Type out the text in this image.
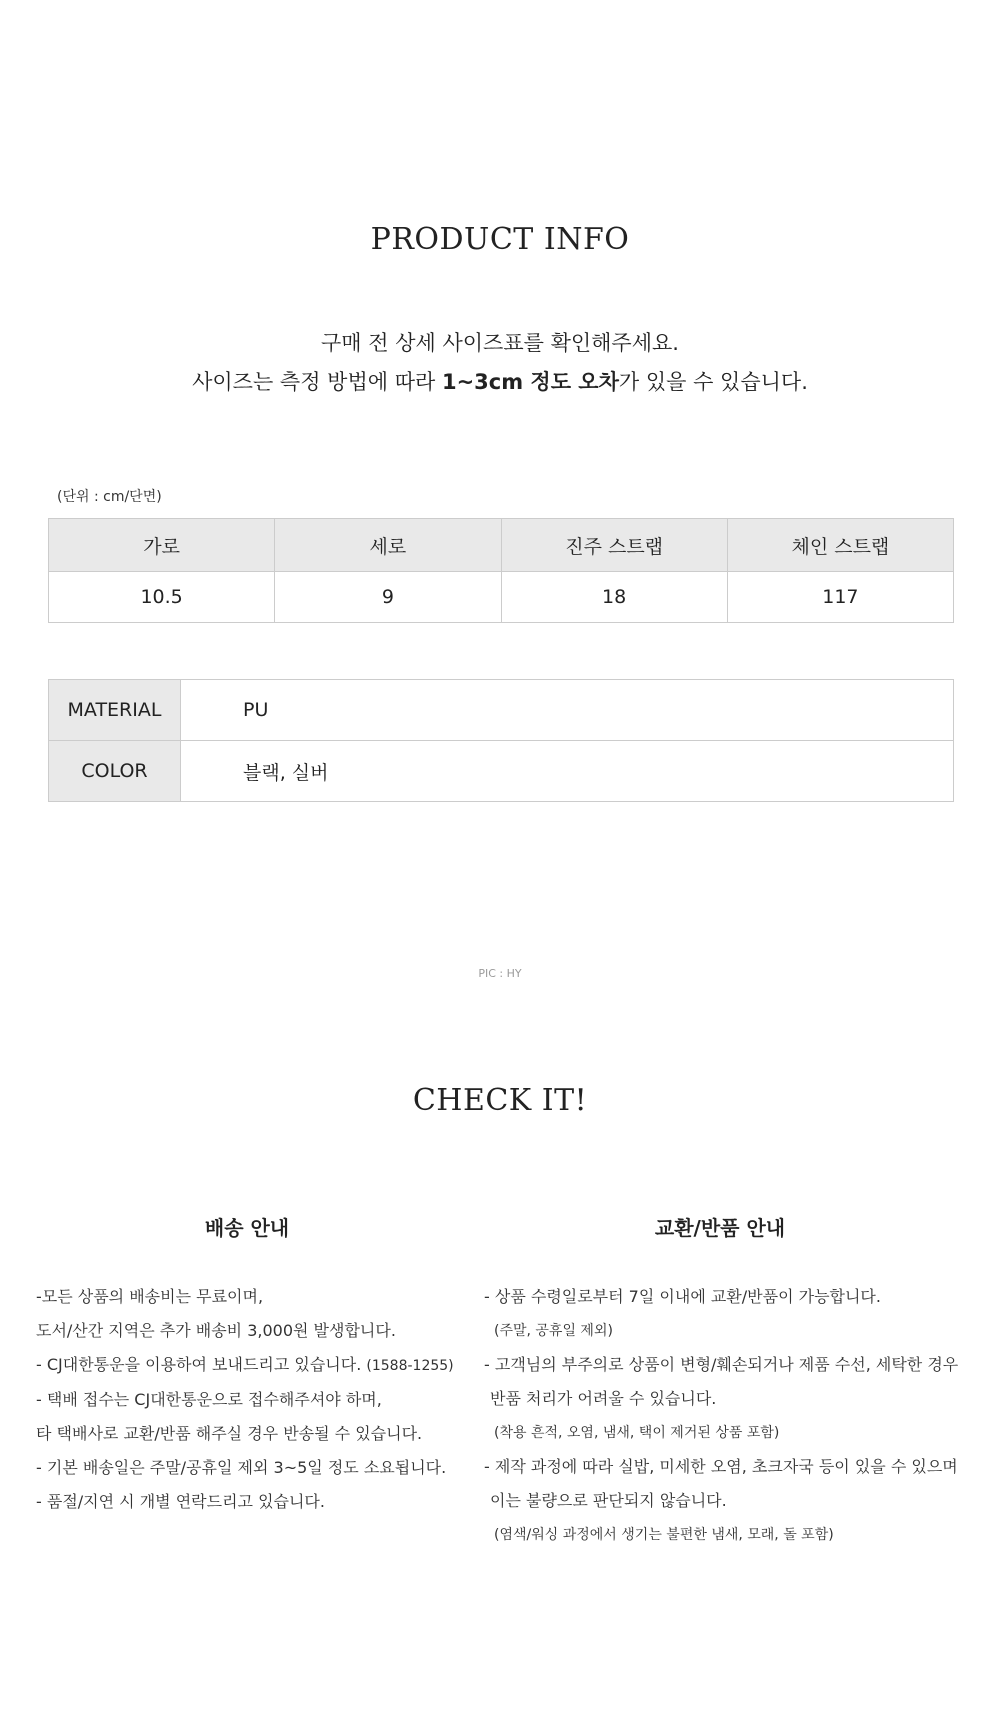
PRODUCT INFO
구매 전 상세 사이즈표를 확인해주세요.
사이즈는 측정 방법에 따라 1~3cm 정도 오차가 있을 수 있습니다.
(단위 : cm/단면)
가로	세로	진주 스트랩	체인 스트랩
10.5	9	18	117
MATERIAL	PU
COLOR	블랙, 실버
PIC : HY
CHECK IT!
배송 안내	교환/반품 안내
-모든 상품의 배송비는 무료이며,
도서/산간 지역은 추가 배송비 3,000원 발생합니다.
- CJ대한통운을 이용하여 보내드리고 있습니다. (1588-1255)
- 택배 접수는 CJ대한통운으로 접수해주셔야 하며,
타 택배사로 교환/반품 해주실 경우 반송될 수 있습니다.
- 기본 배송일은 주말/공휴일 제외 3~5일 정도 소요됩니다.
- 품절/지연 시 개별 연락드리고 있습니다.
- 상품 수령일로부터 7일 이내에 교환/반품이 가능합니다.
(주말, 공휴일 제외)
- 고객님의 부주의로 상품이 변형/훼손되거나 제품 수선, 세탁한 경우
반품 처리가 어려울 수 있습니다.
(착용 흔적, 오염, 냄새, 택이 제거된 상품 포함)
- 제작 과정에 따라 실밥, 미세한 오염, 초크자국 등이 있을 수 있으며
이는 불량으로 판단되지 않습니다.
(염색/워싱 과정에서 생기는 불편한 냄새, 모래, 돌 포함)
